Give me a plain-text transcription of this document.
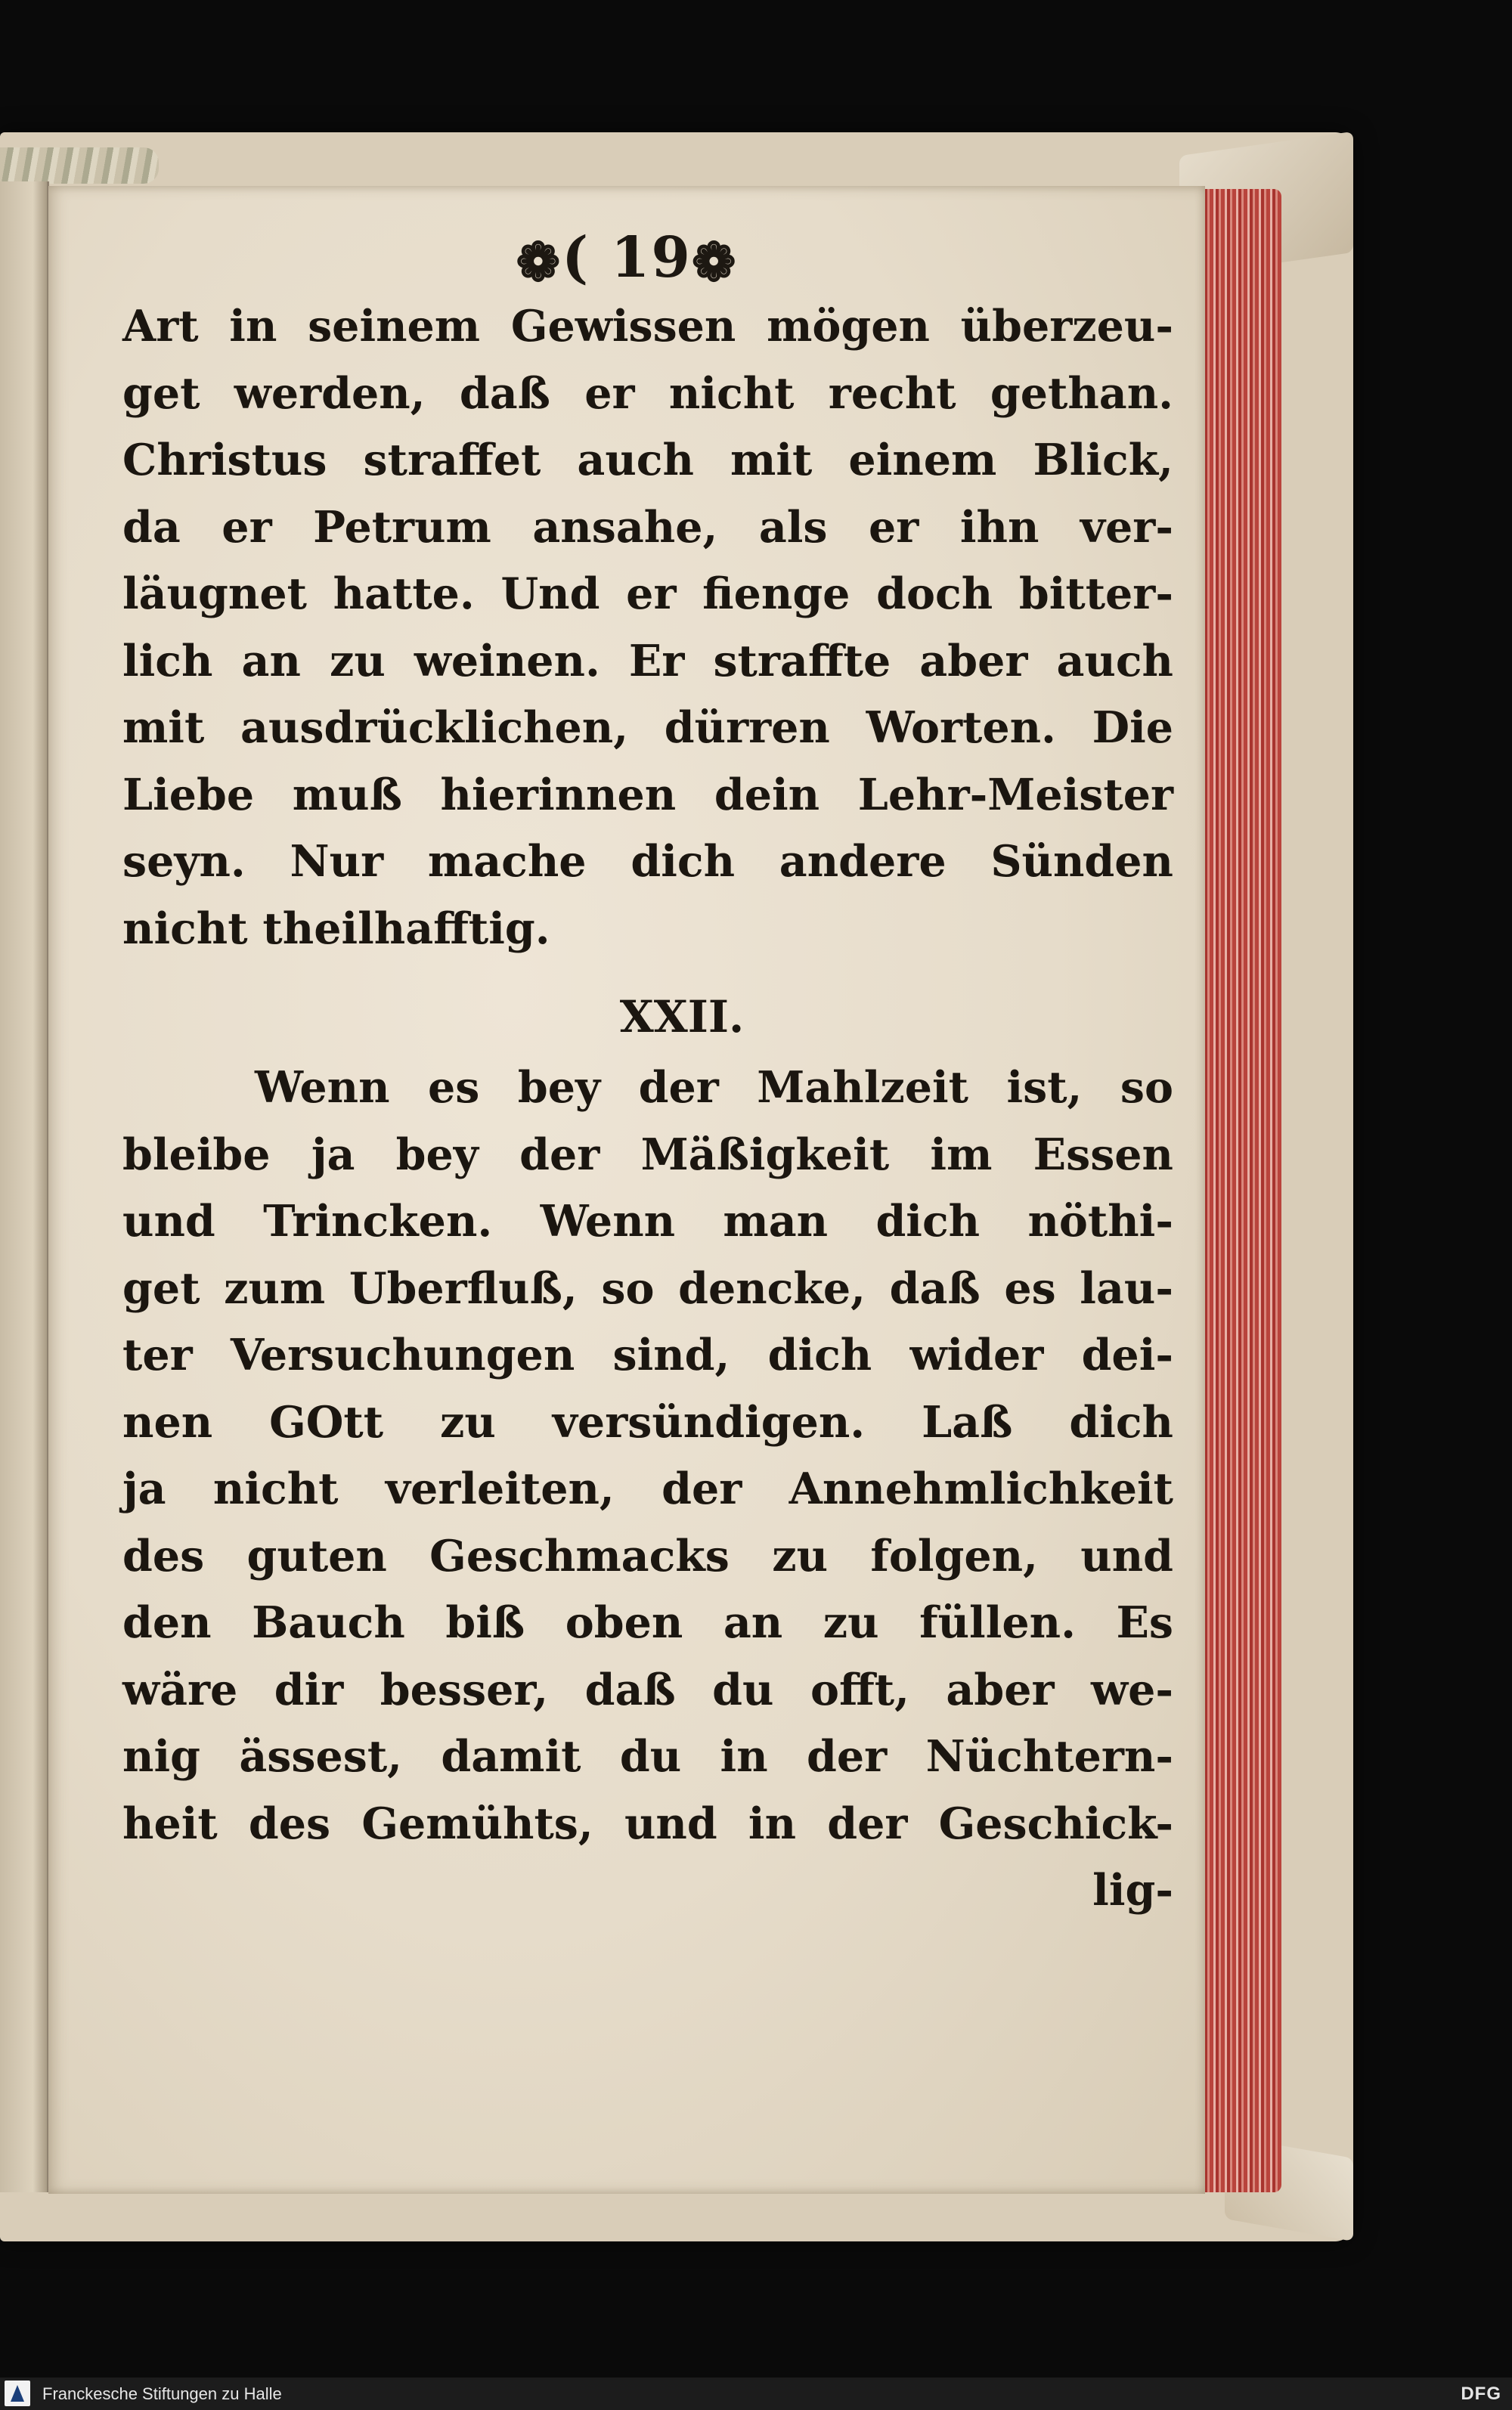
❁( 19❁
Art in seinem Gewissen mögen überzeu-
get werden, daß er nicht recht gethan.
Christus straffet auch mit einem Blick,
da er Petrum ansahe, als er ihn ver-
läugnet hatte. Und er fienge doch bitter-
lich an zu weinen. Er straffte aber auch
mit ausdrücklichen, dürren Worten. Die
Liebe muß hierinnen dein Lehr-Meister
seyn. Nur mache dich andere Sünden
nicht theilhafftig.
XXII.
Wenn es bey der Mahlzeit ist, so
bleibe ja bey der Mäßigkeit im Essen
und Trincken. Wenn man dich nöthi-
get zum Uberfluß, so dencke, daß es lau-
ter Versuchungen sind, dich wider dei-
nen GOtt zu versündigen. Laß dich
ja nicht verleiten, der Annehmlichkeit
des guten Geschmacks zu folgen, und
den Bauch biß oben an zu füllen. Es
wäre dir besser, daß du offt, aber we-
nig ässest, damit du in der Nüchtern-
heit des Gemühts, und in der Geschick-
lig-
Franckesche Stiftungen zu Halle	DFG
